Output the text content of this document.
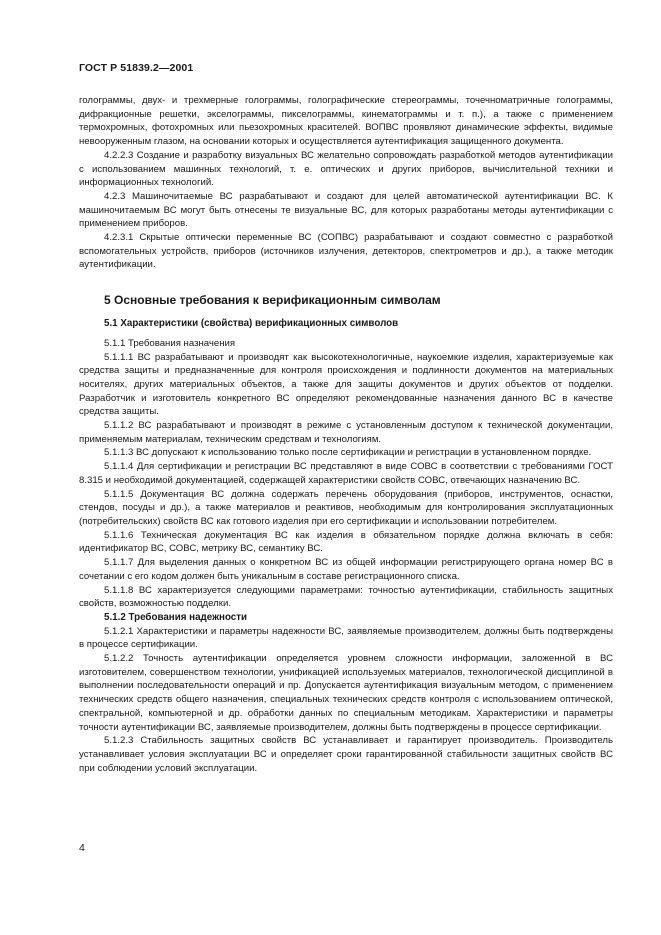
ГОСТ Р 51839.2—2001

голограммы, двух- и трехмерные голограммы, голографические стереограммы, точечноматричные голограммы, дифракционные решетки, экселограммы, пикселограммы, кинематограммы и т. п.), а также с применением термохромных, фотохромных или пьезохромных красителей. ВОПВС проявляют динамические эффекты, видимые невооруженным глазом, на основании которых и осуществляется аутентификация защищенного документа.

4.2.2.3 Создание и разработку визуальных ВС желательно сопровождать разработкой методов аутентификации с использованием машинных технологий, т. е. оптических и других приборов, вычислительной техники и информационных технологий.

4.2.3 Машиночитаемые ВС разрабатывают и создают для целей автоматической аутентификации ВС. К машиночитаемым ВС могут быть отнесены те визуальные ВС, для которых разработаны методы аутентификации с применением приборов.

4.2.3.1 Скрытые оптически переменные ВС (СОПВС) разрабатывают и создают совместно с разработкой вспомогательных устройств, приборов (источников излучения, детекторов, спектрометров и др.), а также методик аутентификации.

5 Основные требования к верификационным символам
5.1 Характеристики (свойства) верификационных символов

5.1.1 Требования назначения

5.1.1.1 ВС разрабатывают и производят как высокотехнологичные, наукоемкие изделия, характеризуемые как средства защиты и предназначенные для контроля происхождения и подлинности документов на материальных носителях, других материальных объектов, а также для защиты документов и других объектов от подделки. Разработчик и изготовитель конкретного ВС определяют рекомендованные назначения данного ВС в качестве средства защиты.

5.1.1.2 ВС разрабатывают и производят в режиме с установленным доступом к технической документации, применяемым материалам, техническим средствам и технологиям.

5.1.1.3 ВС допускают к использованию только после сертификации и регистрации в установленном порядке.

5.1.1.4 Для сертификации и регистрации ВС представляют в виде СОВС в соответствии с требованиями ГОСТ 8.315 и необходимой документацией, содержащей характеристики свойств СОВС, отвечающих назначению ВС.

5.1.1.5 Документация ВС должна содержать перечень оборудования (приборов, инструментов, оснастки, стендов, посуды и др.), а также материалов и реактивов, необходимым для контролирования эксплуатационных (потребительских) свойств ВС как готового изделия при его сертификации и использовании потребителем.

5.1.1.6 Техническая документация ВС как изделия в обязательном порядке должна включать в себя: идентификатор ВС, СОВС, метрику ВС, семантику ВС.

5.1.1.7 Для выделения данных о конкретном ВС из общей информации регистрирующего органа номер ВС в сочетании с его кодом должен быть уникальным в составе регистрационного списка.

5.1.1.8 ВС характеризуется следующими параметрами: точностью аутентификации, стабильность защитных свойств, возможностью подделки.

5.1.2 Требования надежности

5.1.2.1 Характеристики и параметры надежности ВС, заявляемые производителем, должны быть подтверждены в процессе сертификации.

5.1.2.2 Точность аутентификации определяется уровнем сложности информации, заложенной в ВС изготовителем, совершенством технологии, унификацией используемых материалов, технологической дисциплиной в выполнении последовательности операций и пр. Допускается аутентификация визуальным методом, с применением технических средств общего назначения, специальных технических средств контроля с использованием оптической, спектральной, компьютерной и др. обработки данных по специальным методикам. Характеристики и параметры точности аутентификации ВС, заявляемые производителем, должны быть подтверждены в процессе сертификации.

5.1.2.3 Стабильность защитных свойств ВС устанавливает и гарантирует производитель. Производитель устанавливает условия эксплуатации ВС и определяет сроки гарантированной стабильности защитных свойств ВС при соблюдении условий эксплуатации.

4
